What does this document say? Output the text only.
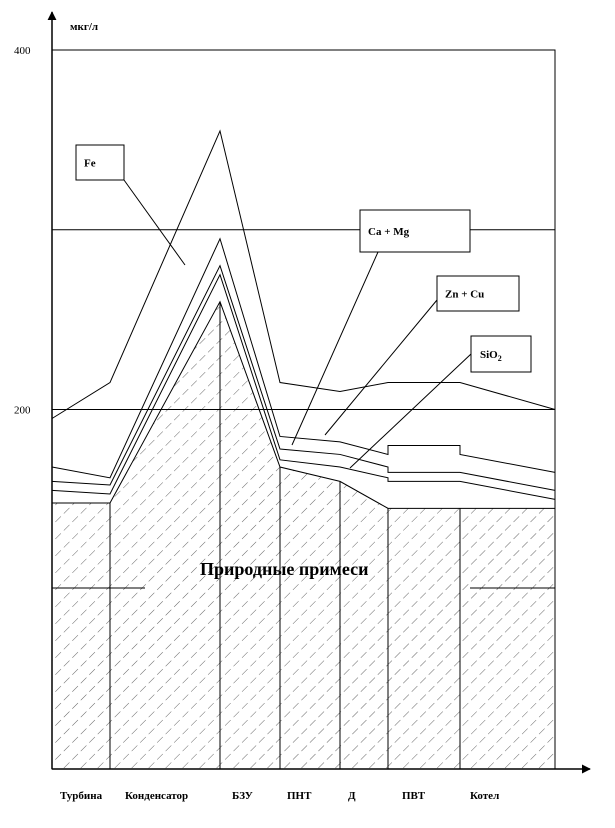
200
400
Турбина Конденсатор	БЗУ	ПНТ	Д	ПВТ	Котел
Fe
Ca + Mg
Zn + Cu
SiO$_2$
мкг/л
Природные примеси
